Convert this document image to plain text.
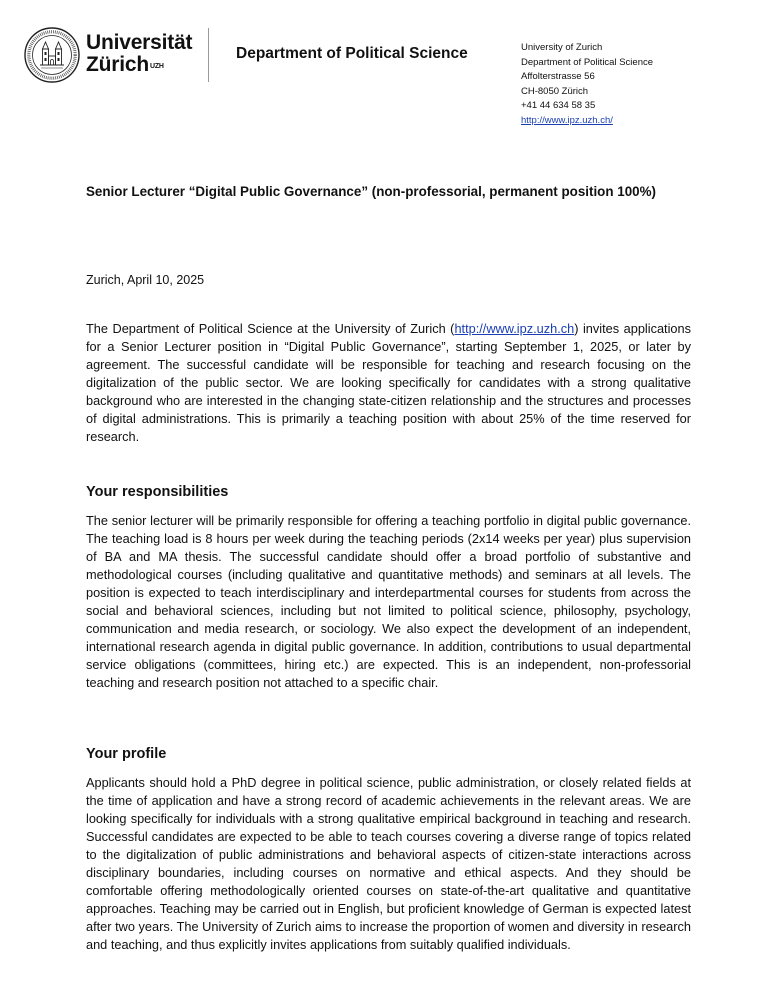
Universität
Zürich$^{UZH}$
Department of Political Science	University of Zurich
Department of Political Science
Affolterstrasse 56
CH-8050 Zürich
+41 44 634 58 35
http://www.ipz.uzh.ch/
Senior Lecturer “Digital Public Governance” (non-professorial, permanent position 100%)
Zurich, April 10, 2025

The Department of Political Science at the University of Zurich (http://www.ipz.uzh.ch) invites applications for a Senior Lecturer position in “Digital Public Governance”, starting September 1, 2025, or later by agreement. The successful candidate will be responsible for teaching and research focusing on the digitalization of the public sector. We are looking specifically for candidates with a strong qualitative background who are interested in the changing state-citizen relationship and the structures and processes of digital administrations. This is primarily a teaching position with about 25% of the time reserved for research.

Your responsibilities

The senior lecturer will be primarily responsible for offering a teaching portfolio in digital public governance. The teaching load is 8 hours per week during the teaching periods (2x14 weeks per year) plus supervision of BA and MA thesis. The successful candidate should offer a broad portfolio of substantive and methodological courses (including qualitative and quantitative methods) and seminars at all levels. The position is expected to teach interdisciplinary and interdepartmental courses for students from across the social and behavioral sciences, including but not limited to political science, philosophy, psychology, communication and media research, or sociology. We also expect the development of an independent, international research agenda in digital public governance. In addition, contributions to usual departmental service obligations (committees, hiring etc.) are expected. This is an independent, non-professorial teaching and research position not attached to a specific chair.

Your profile

Applicants should hold a PhD degree in political science, public administration, or closely related fields at the time of application and have a strong record of academic achievements in the relevant areas. We are looking specifically for individuals with a strong qualitative empirical background in teaching and research. Successful candidates are expected to be able to teach courses covering a diverse range of topics related to the digitalization of public administrations and behavioral aspects of citizen-state interactions across disciplinary boundaries, including courses on normative and ethical aspects. And they should be comfortable offering methodologically oriented courses on state-of-the-art qualitative and quantitative approaches. Teaching may be carried out in English, but proficient knowledge of German is expected latest after two years. The University of Zurich aims to increase the proportion of women and diversity in research and teaching, and thus explicitly invites applications from suitably qualified individuals.
